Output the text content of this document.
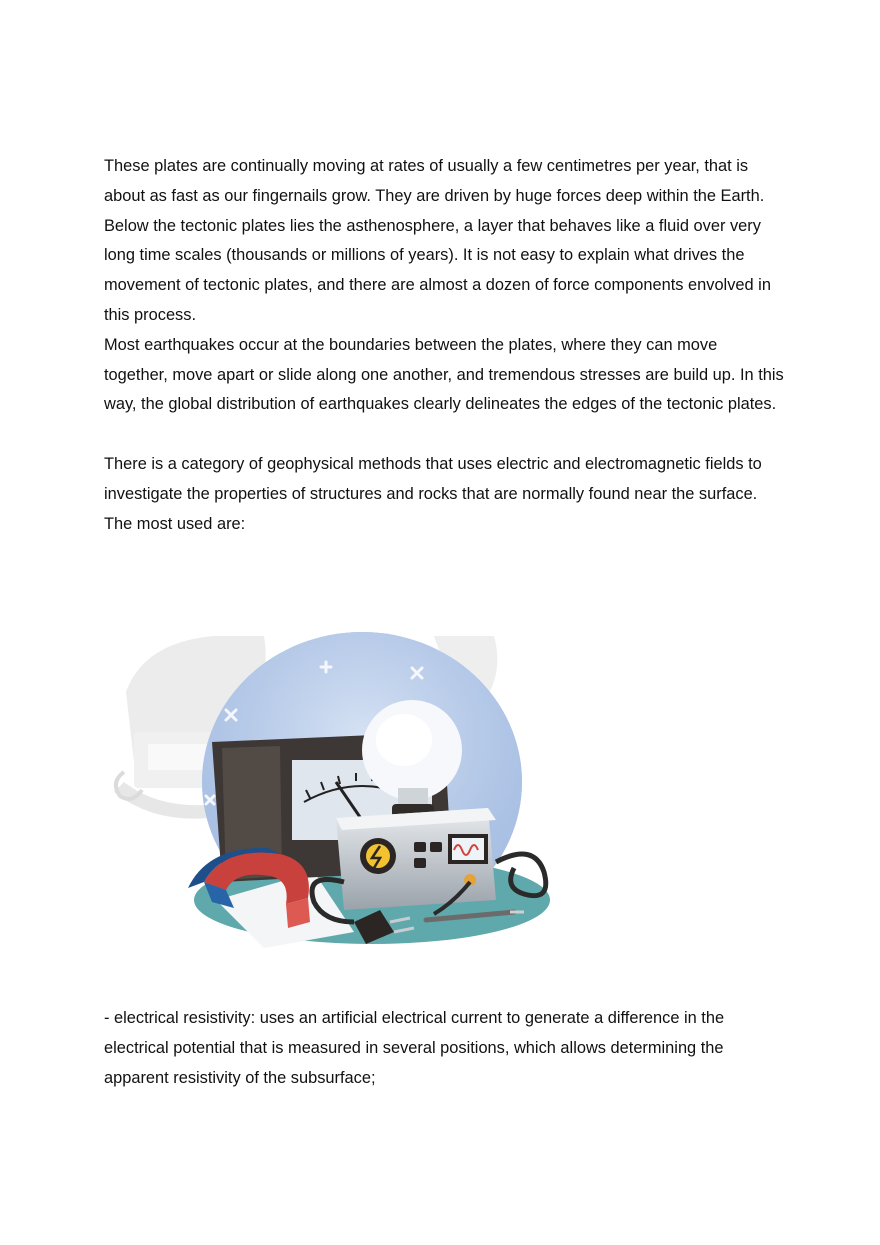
These plates are continually moving at rates of usually a few centimetres per year, that is about as fast as our fingernails grow. They are driven by huge forces deep within the Earth.

Below the tectonic plates lies the asthenosphere, a layer that behaves like a fluid over very long time scales (thousands or millions of years). It is not easy to explain what drives the movement of tectonic plates, and there are almost a dozen of force components envolved in this process.

Most earthquakes occur at the boundaries between the plates, where they can move together, move apart or slide along one another, and tremendous stresses are build up. In this way, the global distribution of earthquakes clearly delineates the edges of the tectonic plates.

There is a category of geophysical methods that uses electric and electromagnetic fields to investigate the properties of structures and rocks that are normally found near the surface. The most used are:

- electrical resistivity: uses an artificial electrical current to generate a difference in the electrical potential that is measured in several positions, which allows determining the apparent resistivity of the subsurface;
